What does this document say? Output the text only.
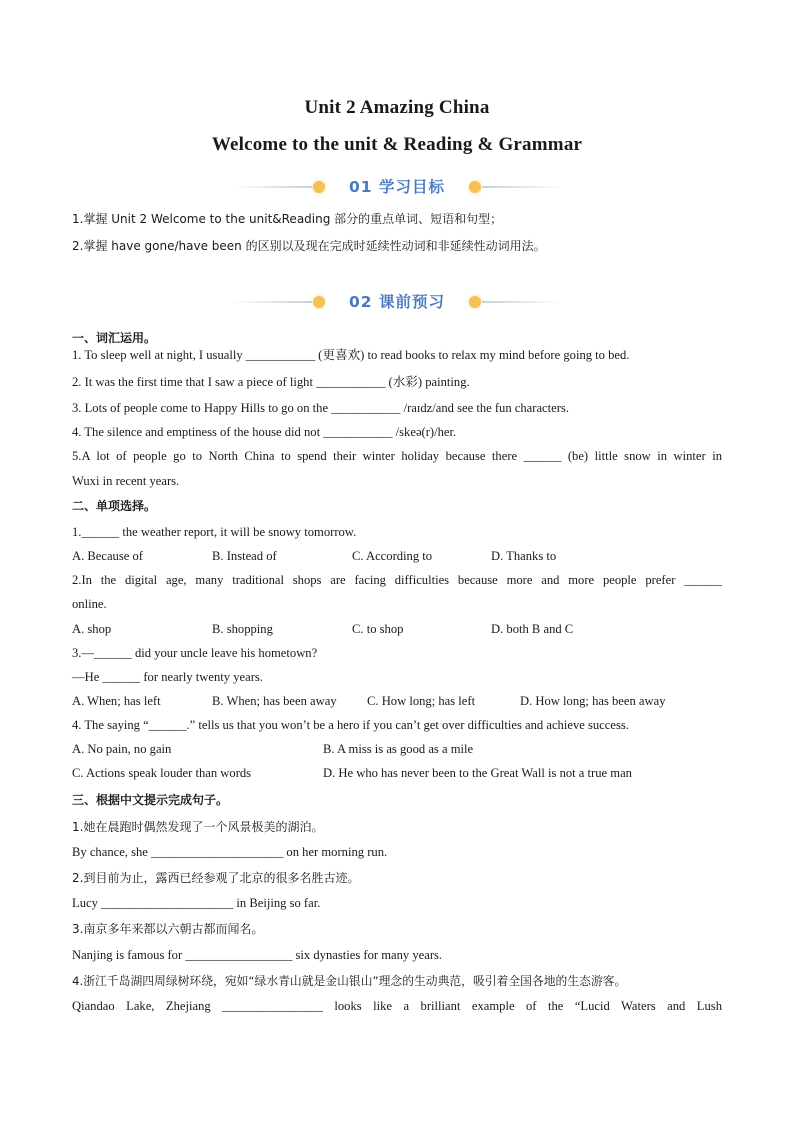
Unit 2 Amazing China
Welcome to the unit & Reading & Grammar
01 学习目标
1.掌握 Unit 2 Welcome to the unit&Reading 部分的重点单词、短语和句型；
2.掌握 have gone/have been 的区别以及现在完成时延续性动词和非延续性动词用法。
02 课前预习
一、词汇运用。
1. To sleep well at night, I usually ___________ (更喜欢) to read books to relax my mind before going to bed.
2. It was the first time that I saw a piece of light ___________ (水彩) painting.
3. Lots of people come to Happy Hills to go on the ___________ /raɪdz/and see the fun characters.
4. The silence and emptiness of the house did not ___________ /skeə(r)/her.
5.A lot of people go to North China to spend their winter holiday because there ______ (be) little snow in winter in
Wuxi in recent years.
二、单项选择。
1.______ the weather report, it will be snowy tomorrow.
A. Because of	B. Instead of	C. According to	D. Thanks to
2.In the digital age, many traditional shops are facing difficulties because more and more people prefer ______
online.
A. shop	B. shopping	C. to shop	D. both B and C
3.—______ did your uncle leave his hometown?
—He ______ for nearly twenty years.
A. When; has left	B. When; has been away C. How long; has left	D. How long; has been away
4. The saying “______.” tells us that you won’t be a hero if you can’t get over difficulties and achieve success.
A. No pain, no gain	B. A miss is as good as a mile
C. Actions speak louder than words	D. He who has never been to the Great Wall is not a true man
三、根据中文提示完成句子。
1.她在晨跑时偶然发现了一个风景极美的湖泊。
By chance, she _____________________ on her morning run.
2.到目前为止，露西已经参观了北京的很多名胜古迹。
Lucy _____________________ in Beijing so far.
3.南京多年来都以六朝古都而闻名。
Nanjing is famous for _________________ six dynasties for many years.
4.浙江千岛湖四周绿树环绕，宛如“绿水青山就是金山银山”理念的生动典范，吸引着全国各地的生态游客。
Qiandao Lake, Zhejiang ________________ looks like a brilliant example of the “Lucid Waters and Lush
